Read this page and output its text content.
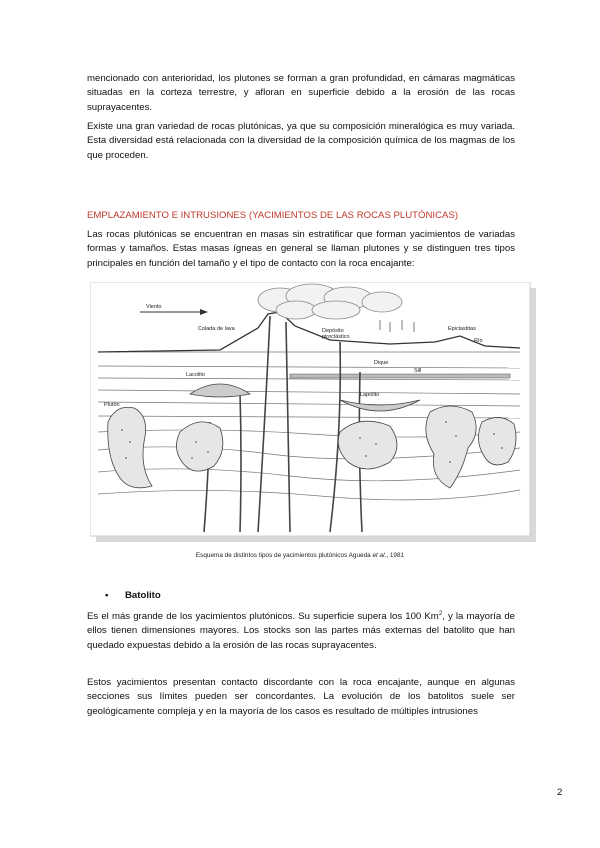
mencionado con anterioridad, los plutones se forman a gran profundidad, en cámaras magmáticas situadas en la corteza terrestre, y afloran en superficie debido a la erosión de las rocas suprayacentes.

Existe una gran variedad de rocas plutónicas, ya que su composición mineralógica es muy variada. Esta diversidad está relacionada con la diversidad de la composición química de los magmas de los que proceden.

EMPLAZAMIENTO E INTRUSIONES (YACIMIENTOS DE LAS ROCAS PLUTÓNICAS)

Las rocas plutónicas se encuentran en masas sin estratificar que forman yacimientos de variadas formas y tamaños. Estas masas ígneas en general se llaman plutones y se distinguen tres tipos principales en función del tamaño y el tipo de contacto con la roca encajante:

Viento
Colada de lava	Depósito
piroclástico
Epiclastitas
Río
Sill
Dique
Lacolito
Lapolito
Plutón
Esquema de distintos tipos de yacimientos plutónicos Agueda et al., 1981
• Batolito

Es el más grande de los yacimientos plutónicos. Su superficie supera los 100 Km$^2$, y la mayoría de ellos tienen dimensiones mayores. Los stocks son las partes más externas del batolito que han quedado expuestas debido a la erosión de las rocas suprayacentes.

Estos yacimientos presentan contacto discordante con la roca encajante, aunque en algunas secciones sus límites pueden ser concordantes. La evolución de los batolitos suele ser geológicamente compleja y en la mayoría de los casos es resultado de múltiples intrusiones

2
